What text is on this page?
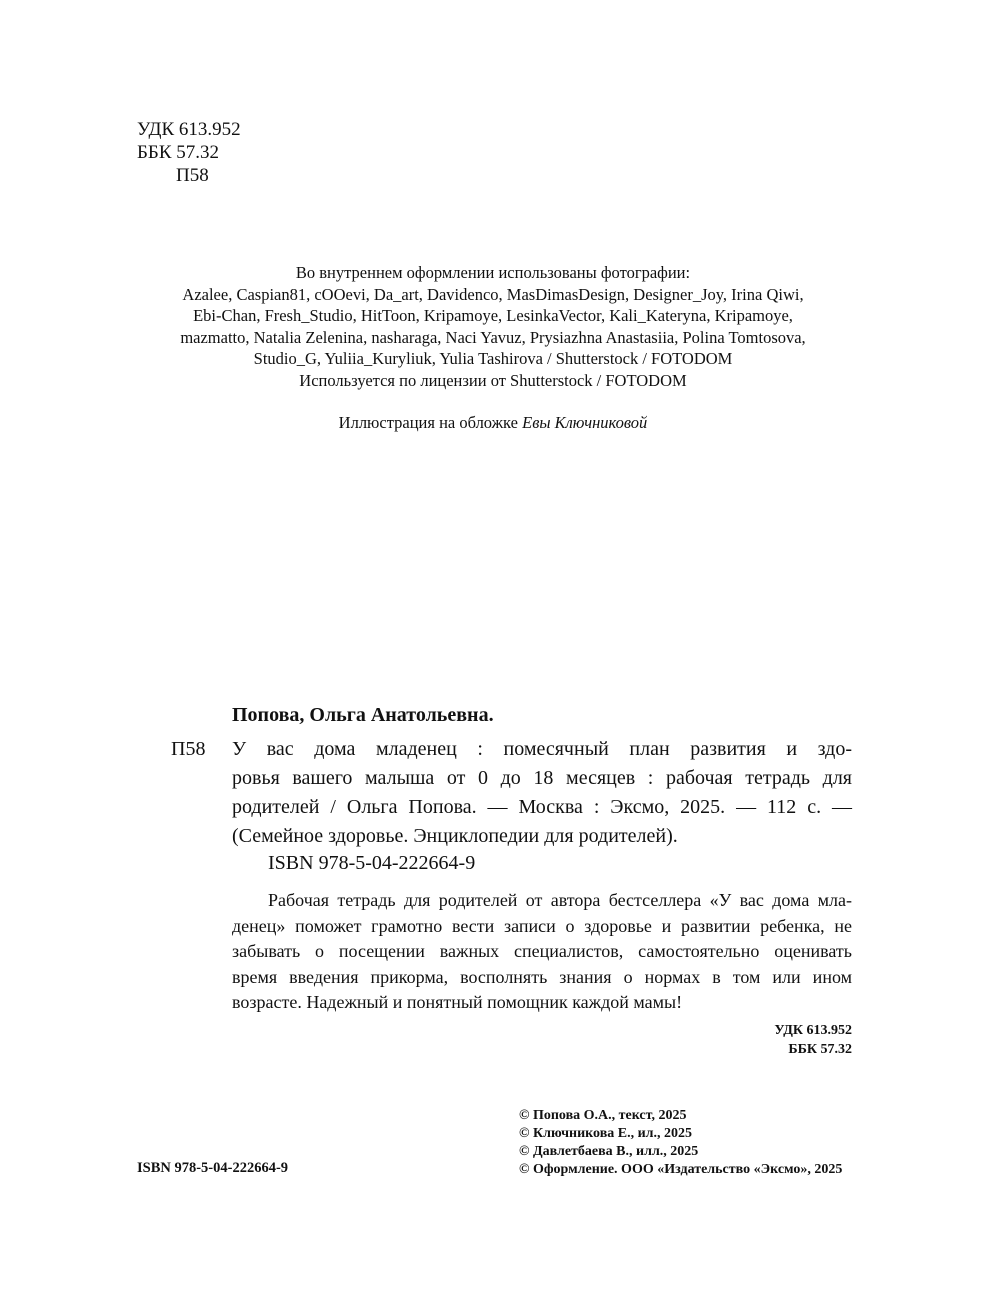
УДК 613.952
ББК 57.32
П58
Во внутреннем оформлении использованы фотографии:
Azalee, Caspian81, cOOevi, Da_art, Davidenco, MasDimasDesign, Designer_Joy, Irina Qiwi,
Ebi-Chan, Fresh_Studio, HitToon, Kripamoye, LesinkaVector, Kali_Kateryna, Kripamoye,
mazmatto, Natalia Zelenina, nasharaga, Naci Yavuz, Prysiazhna Anastasiia, Polina Tomtosova,
Studio_G, Yuliia_Kuryliuk, Yulia Tashirova / Shutterstock / FOTODOM
Используется по лицензии от Shutterstock / FOTODOM
Иллюстрация на обложке Евы Ключниковой
Попова, Ольга Анатольевна.
П58 У вас дома младенец : помесячный план развития и здо-
ровья вашего малыша от 0 до 18 месяцев : рабочая тетрадь для
родителей / Ольга Попова. — Москва : Эксмо, 2025. — 112 с. —
(Семейное здоровье. Энциклопедии для родителей).
ISBN 978-5-04-222664-9
Рабочая тетрадь для родителей от автора бестселлера «У вас дома мла-
денец» поможет грамотно вести записи о здоровье и развитии ребенка, не
забывать о посещении важных специалистов, самостоятельно оценивать
время введения прикорма, восполнять знания о нормах в том или ином
возрасте. Надежный и понятный помощник каждой мамы!
УДК 613.952
ББК 57.32
ISBN 978-5-04-222664-9
© Попова О.А., текст, 2025
© Ключникова Е., ил., 2025
© Давлетбаева В., илл., 2025
© Оформление. ООО «Издательство «Эксмо», 2025
